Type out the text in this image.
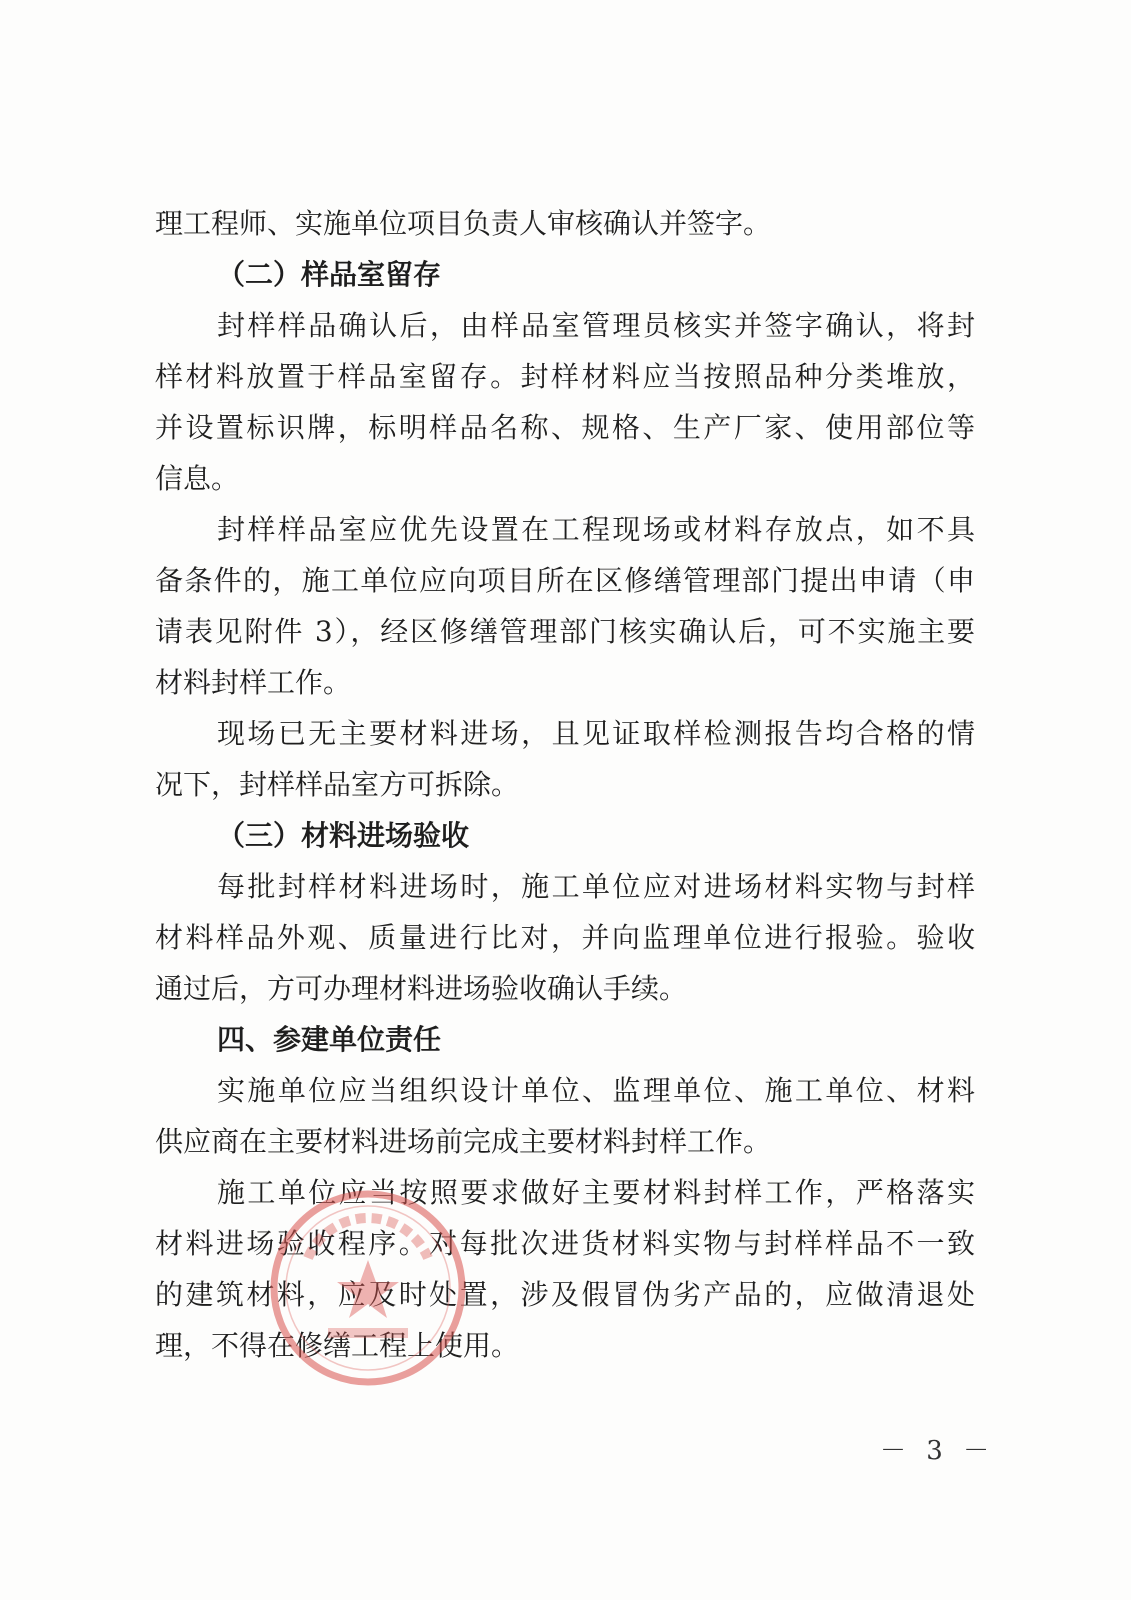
理工程师、实施单位项目负责人审核确认并签字。
（二）样品室留存
封样样品确认后，由样品室管理员核实并签字确认，将封
样材料放置于样品室留存。封样材料应当按照品种分类堆放，
并设置标识牌，标明样品名称、规格、生产厂家、使用部位等
信息。
封样样品室应优先设置在工程现场或材料存放点，如不具
备条件的，施工单位应向项目所在区修缮管理部门提出申请（申
请表见附件 3），经区修缮管理部门核实确认后，可不实施主要
材料封样工作。
现场已无主要材料进场，且见证取样检测报告均合格的情
况下，封样样品室方可拆除。
（三）材料进场验收
每批封样材料进场时，施工单位应对进场材料实物与封样
材料样品外观、质量进行比对，并向监理单位进行报验。验收
通过后，方可办理材料进场验收确认手续。
四、参建单位责任
实施单位应当组织设计单位、监理单位、施工单位、材料
供应商在主要材料进场前完成主要材料封样工作。
施工单位应当按照要求做好主要材料封样工作，严格落实
材料进场验收程序。对每批次进货材料实物与封样样品不一致
的建筑材料，应及时处置，涉及假冒伪劣产品的，应做清退处
理，不得在修缮工程上使用。
－ 3 －
